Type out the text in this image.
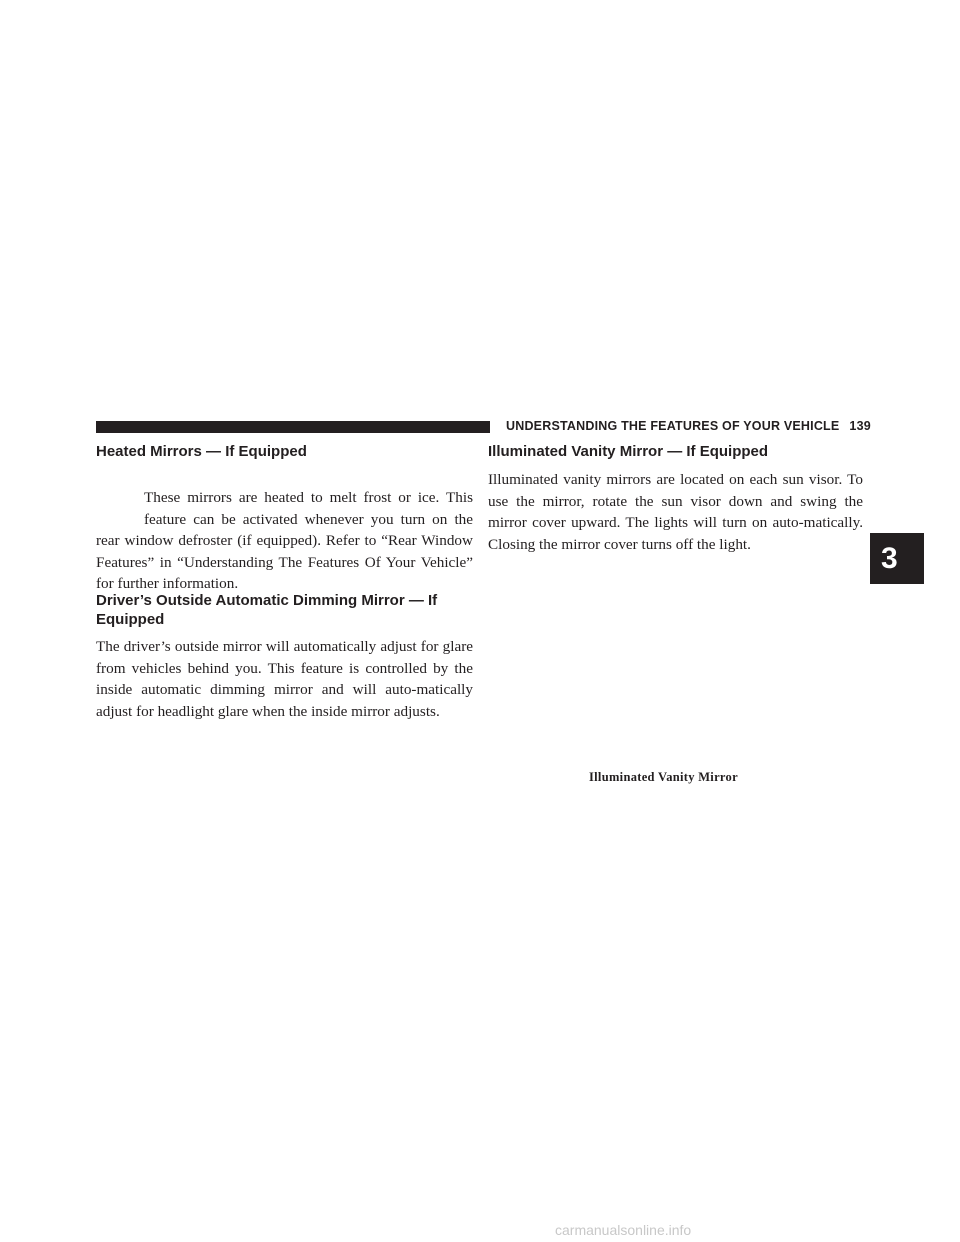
UNDERSTANDING THE FEATURES OF YOUR VEHICLE 139
Heated Mirrors — If Equipped

These mirrors are heated to melt frost or ice. This feature can be activated whenever you turn on the rear window defroster (if equipped). Refer to “Rear Window Features” in “Understanding The Features Of Your Vehicle” for further information.

Driver’s Outside Automatic Dimming Mirror — If
Equipped

The driver’s outside mirror will automatically adjust for glare from vehicles behind you. This feature is controlled by the inside automatic dimming mirror and will auto-matically adjust for headlight glare when the inside mirror adjusts.

Illuminated Vanity Mirror — If Equipped

Illuminated vanity mirrors are located on each sun visor. To use the mirror, rotate the sun visor down and swing the mirror cover upward. The lights will turn on auto-matically. Closing the mirror cover turns off the light.

Illuminated Vanity Mirror
3
carmanualsonline.info
